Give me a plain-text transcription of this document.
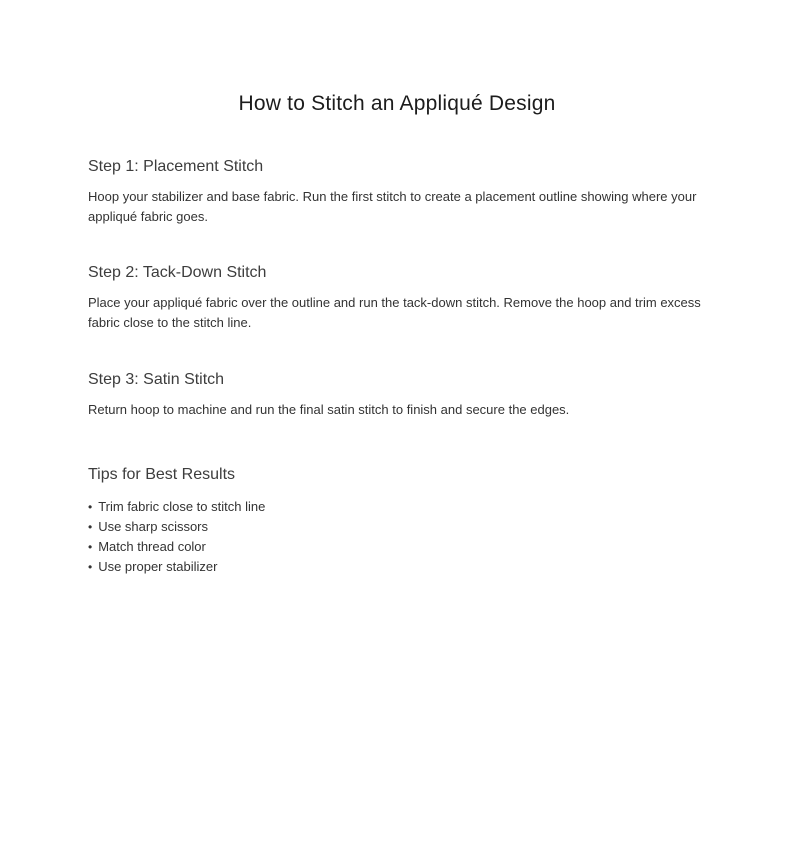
How to Stitch an Appliqué Design
Step 1: Placement Stitch

Hoop your stabilizer and base fabric. Run the first stitch to create a placement outline showing where your appliqué fabric goes.

Step 2: Tack-Down Stitch

Place your appliqué fabric over the outline and run the tack-down stitch. Remove the hoop and trim excess fabric close to the stitch line.

Step 3: Satin Stitch

Return hoop to machine and run the final satin stitch to finish and secure the edges.

Tips for Best Results
• Trim fabric close to stitch line
• Use sharp scissors
• Match thread color
• Use proper stabilizer
